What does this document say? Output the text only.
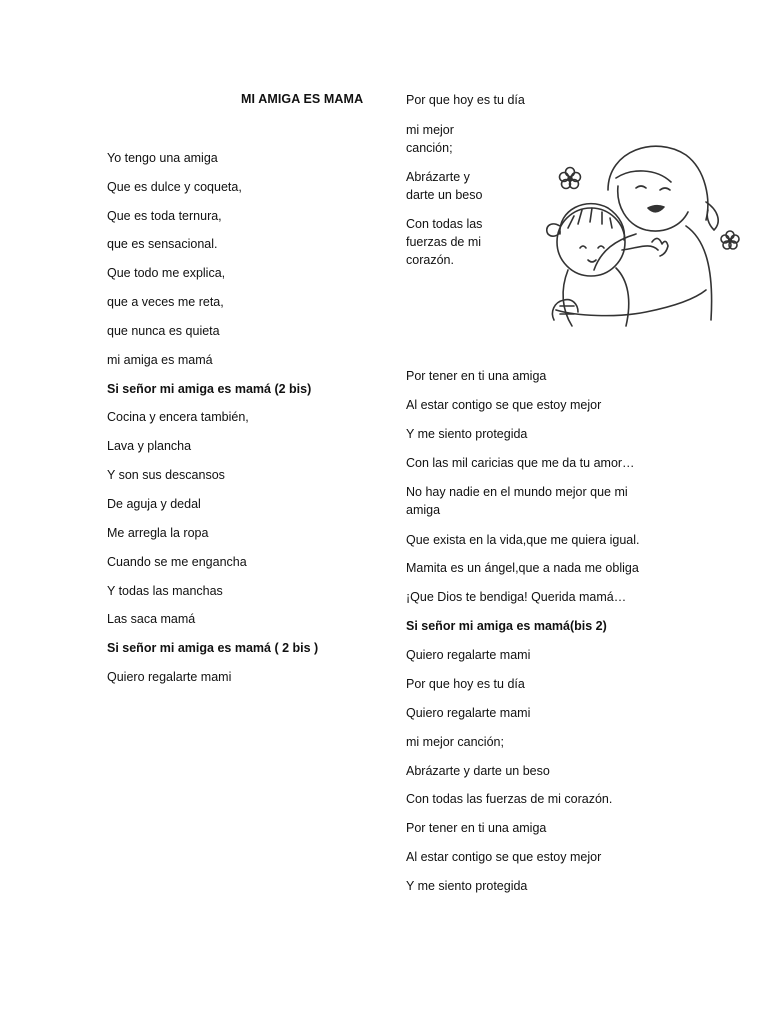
MI AMIGA ES MAMA

Yo tengo una amiga

Que es dulce y coqueta,

Que es toda ternura,

que es sensacional.

Que todo me explica,

que a veces me reta,

que nunca es quieta

mi amiga es mamá

Si señor mi amiga es mamá (2 bis)

Cocina y encera también,

Lava y plancha

Y son sus descansos

De aguja y dedal

Me arregla la ropa

Cuando se me engancha

Y todas las manchas

Las saca mamá

Si señor mi amiga es mamá ( 2 bis )

Quiero regalarte mami

Por que hoy es tu día

mi mejor canción;

Abrázarte y darte un beso

Con todas las fuerzas de mi corazón.

Por tener en ti una amiga

Al estar contigo se que estoy mejor

Y me siento protegida

Con las mil caricias que me da tu amor…

No hay nadie en el mundo mejor que mi amiga

Que exista en la vida,que me quiera igual.

Mamita es un ángel,que a nada me obliga

¡Que Dios te bendiga! Querida mamá…

Si señor mi amiga es mamá(bis 2)

Quiero regalarte mami

Por que hoy es tu día

Quiero regalarte mami

mi mejor canción;

Abrázarte y darte un beso

Con todas las fuerzas de mi corazón.

Por tener en ti una amiga

Al estar contigo se que estoy mejor

Y me siento protegida
